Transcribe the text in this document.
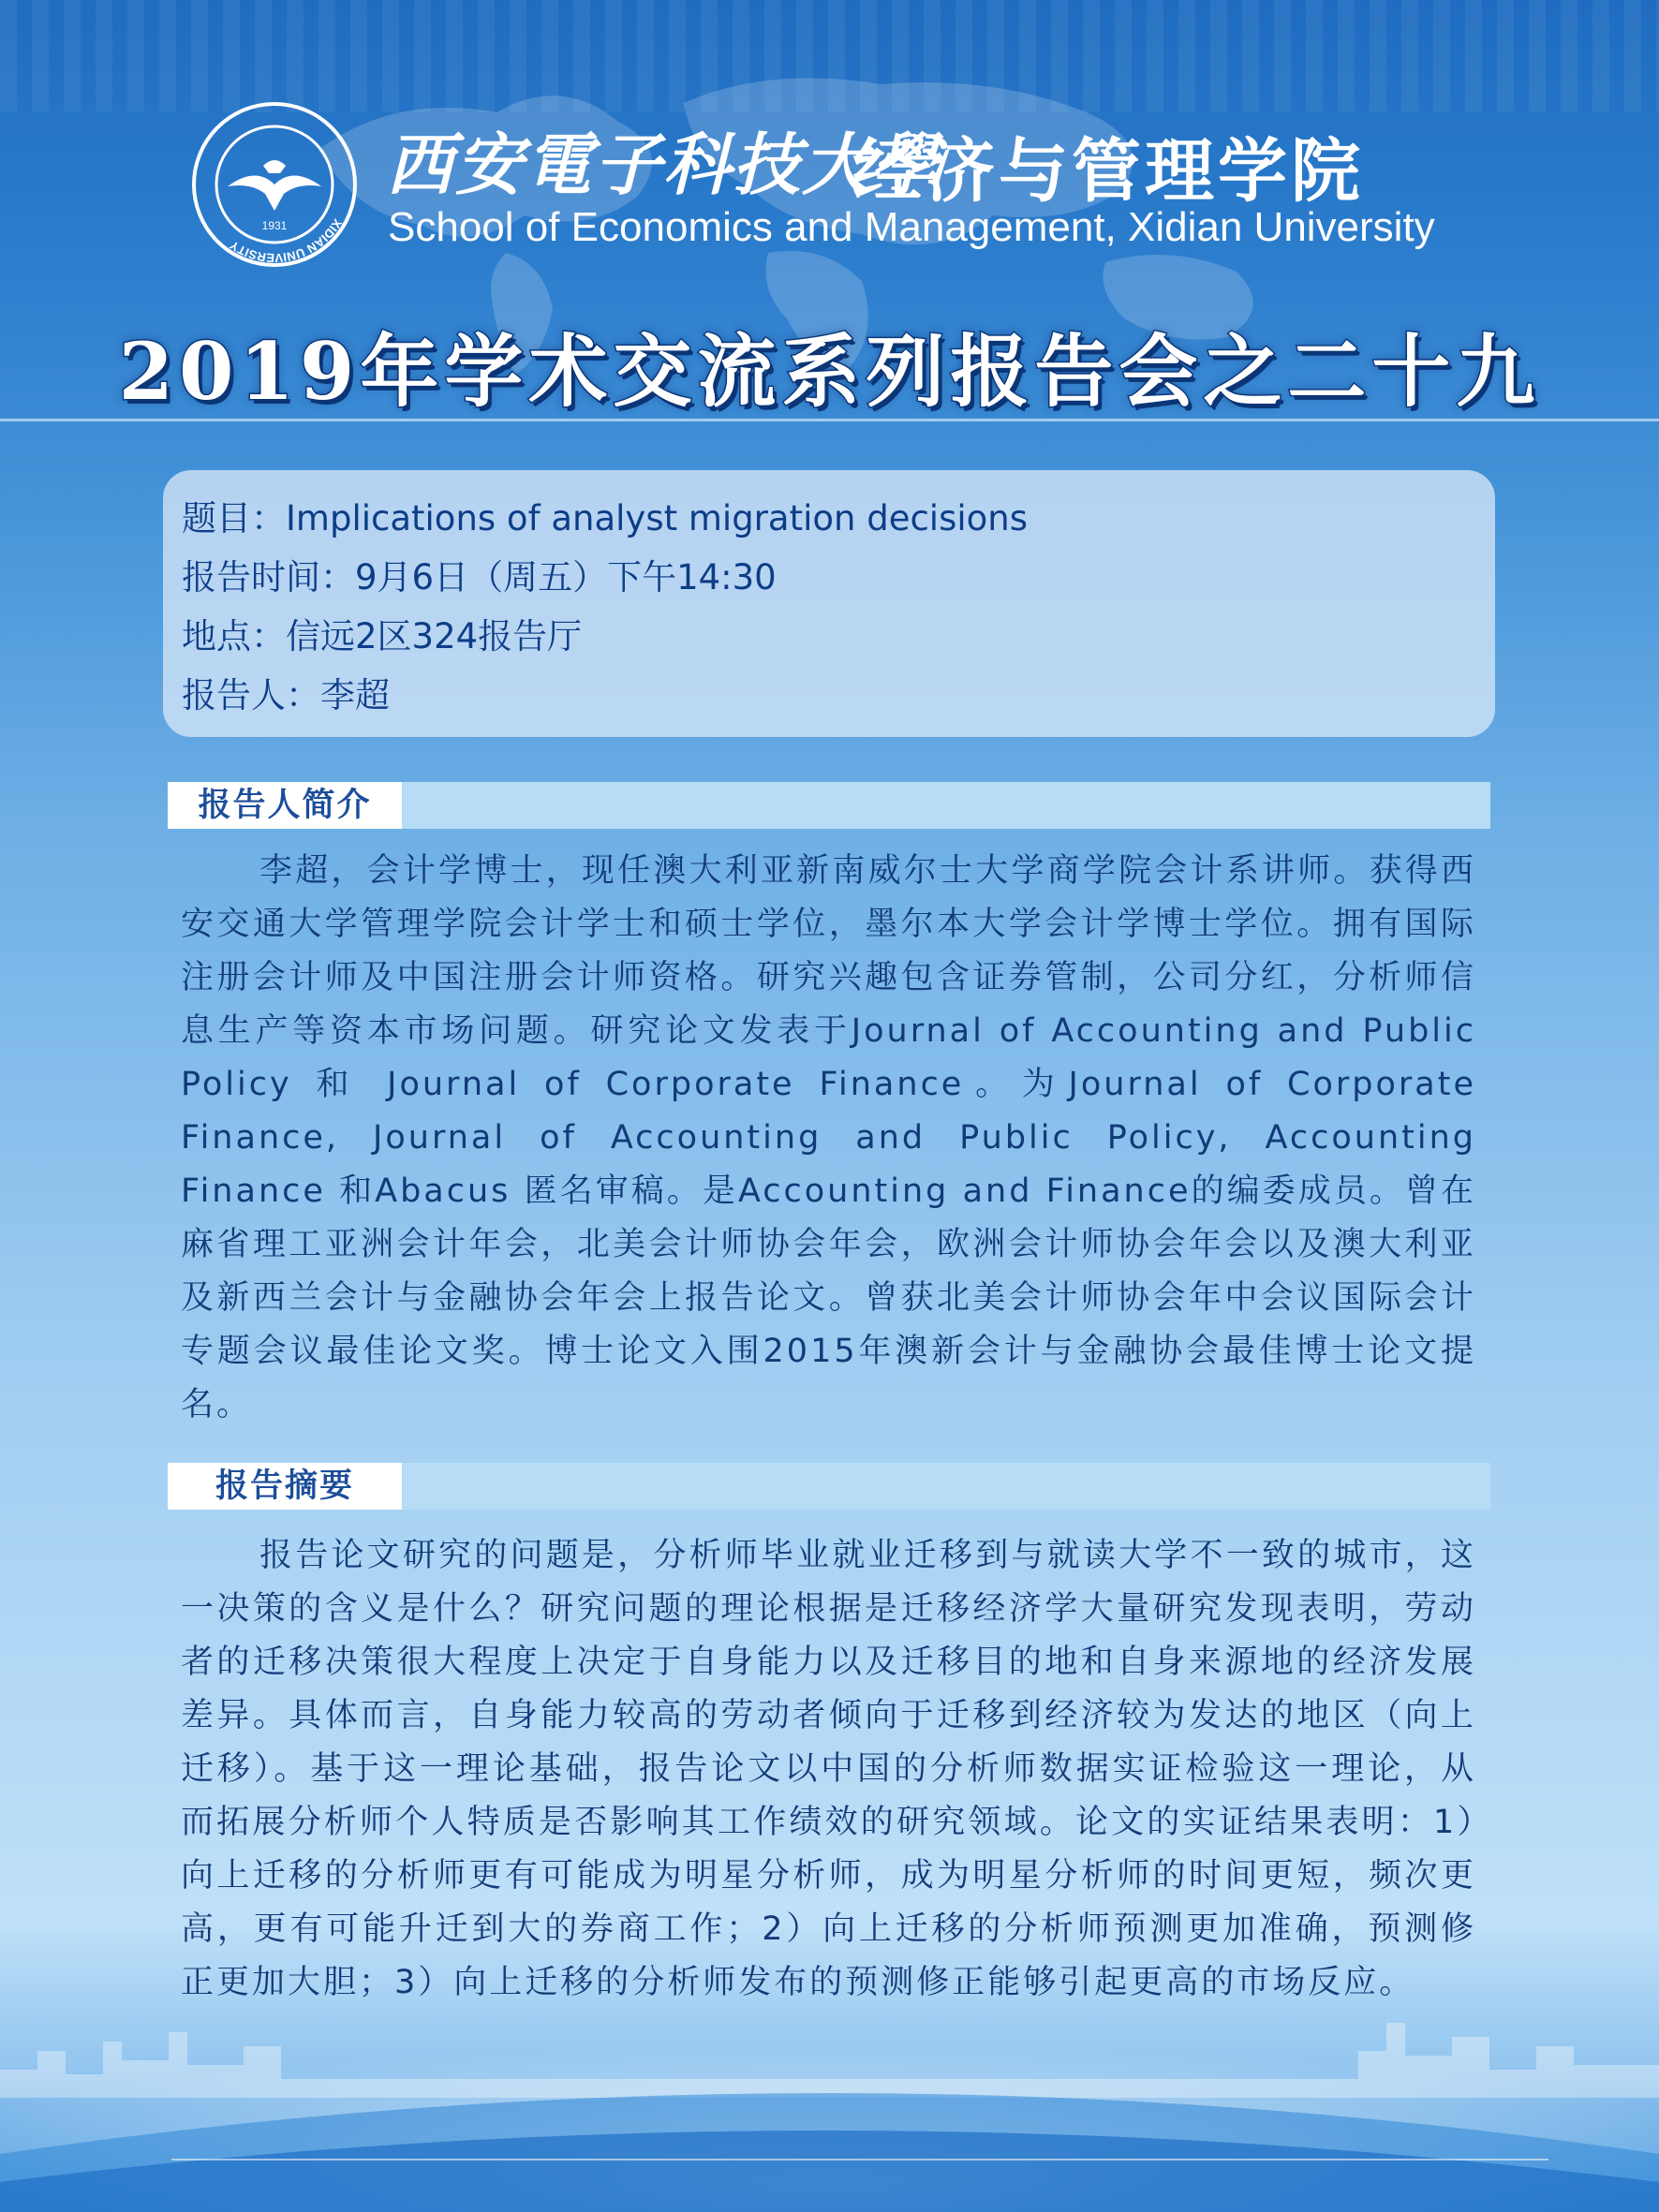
XIDIAN UNIVERSITY
1931
西安電子科技大學
经济与管理学院
School of Economics and Management, Xidian University
2019年学术交流系列报告会之二十九
题目：Implications of analyst migration decisions
报告时间：9月6日（周五）下午14:30
地点：信远2区324报告厅
报告人：李超
报告人简介

李超，会计学博士，现任澳大利亚新南威尔士大学商学院会计系讲师。获得西安交通大学管理学院会计学士和硕士学位，墨尔本大学会计学博士学位。拥有国际注册会计师及中国注册会计师资格。研究兴趣包含证券管制，公司分红，分析师信息生产等资本市场问题。研究论文发表于Journal of Accounting and Public Policy 和 Journal of Corporate Finance。为Journal of Corporate Finance, Journal of Accounting and Public Policy, Accounting Finance 和Abacus 匿名审稿。是Accounting and Finance的编委成员。曾在麻省理工亚洲会计年会，北美会计师协会年会，欧洲会计师协会年会以及澳大利亚及新西兰会计与金融协会年会上报告论文。曾获北美会计师协会年中会议国际会计专题会议最佳论文奖。博士论文入围2015年澳新会计与金融协会最佳博士论文提名。

报告摘要

报告论文研究的问题是，分析师毕业就业迁移到与就读大学不一致的城市，这一决策的含义是什么？研究问题的理论根据是迁移经济学大量研究发现表明，劳动者的迁移决策很大程度上决定于自身能力以及迁移目的地和自身来源地的经济发展差异。具体而言，自身能力较高的劳动者倾向于迁移到经济较为发达的地区（向上迁移）。基于这一理论基础，报告论文以中国的分析师数据实证检验这一理论，从而拓展分析师个人特质是否影响其工作绩效的研究领域。论文的实证结果表明：1）向上迁移的分析师更有可能成为明星分析师，成为明星分析师的时间更短，频次更高，更有可能升迁到大的券商工作；2）向上迁移的分析师预测更加准确，预测修正更加大胆；3）向上迁移的分析师发布的预测修正能够引起更高的市场反应。
